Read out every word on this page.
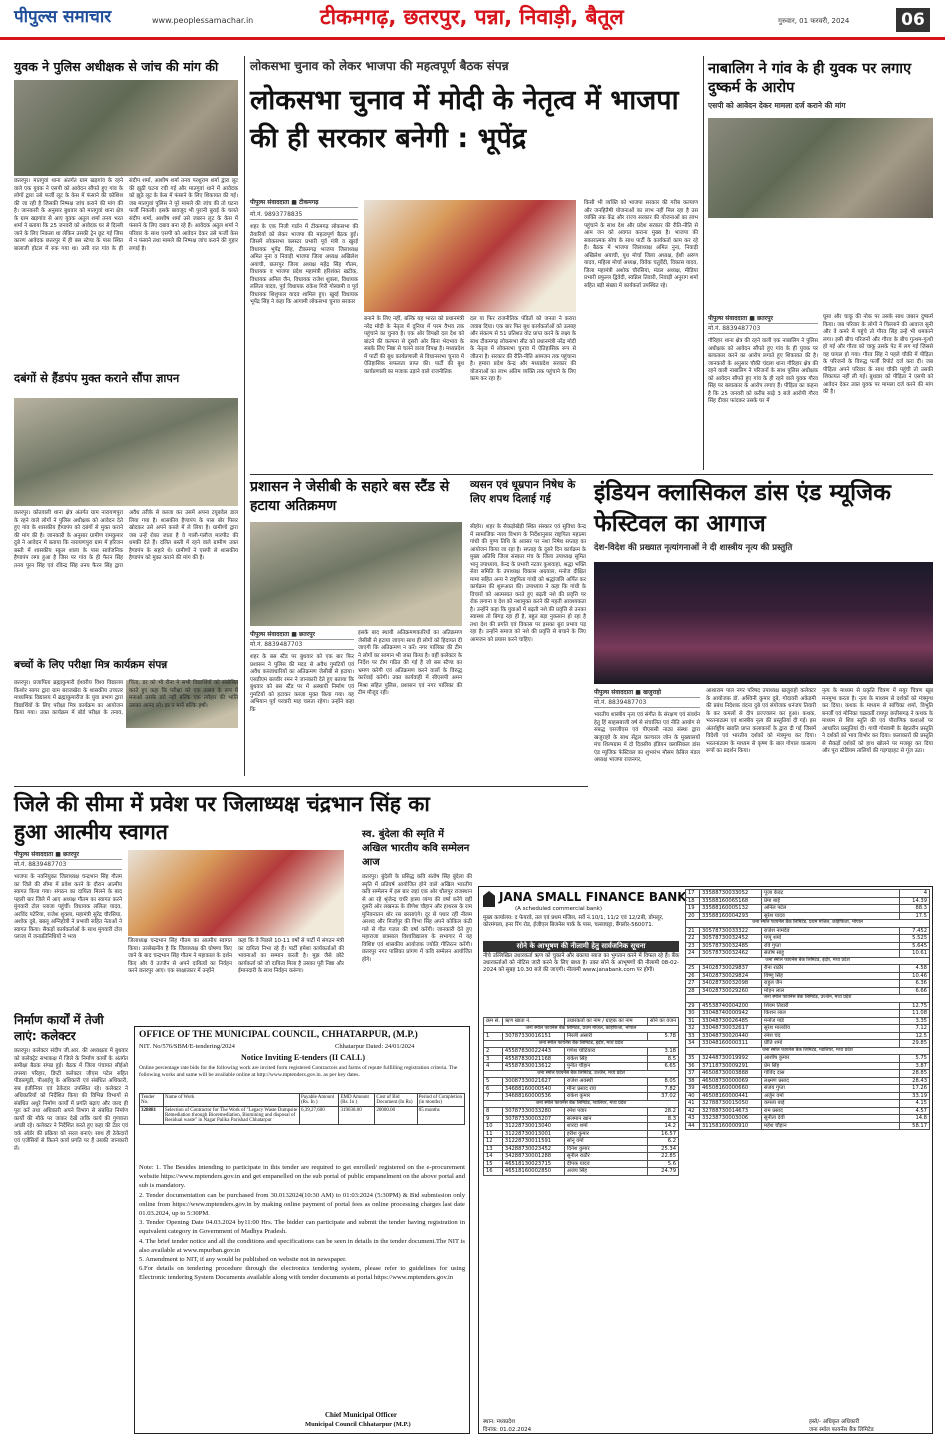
पीपुल्स समाचार	www.peoplessamachar.in	टीकमगढ़, छतरपुर, पन्ना, निवाड़ी, बैतूल	गुरुवार, 01 फरवरी, 2024	06
युवक ने पुलिस अधीक्षक से जांच की मांग की
छतरपुर। मातगुवां थाना अंतर्गत ग्राम खड़गांव के रहने वाले एक युवक ने एसपी को आवेदन सौंपते हुए गांव के लोगों द्वारा उसे फर्जी लूट के केस में फंसाने की कोशिश की जा रही है जिसकी निष्पक्ष जांच कराने की मांग की है। जानकारी के अनुसार बुधवार को मातगुवां थाना क्षेत्र के ग्राम खड़गांव से आए युवक अतुल शर्मा तनय भरत शर्मा ने बताया कि 25 जनवरी को आवेदक घर से दिल्ली जाने के लिए निकला था लेकिन उसकी ट्रेन छूट गई जिस कारण आवेदक छतरपुर में ही बस स्टेण्ड के पास स्थित बालाजी होटल में रुक गया था। उसी रात गांव के ही संदीप शर्मा, आशीष शर्मा तनय परशुराम शर्मा द्वारा लूट की झूठी घटना रची गई और मातगुवां थाने में आवेदक को झूठे लूट के केस में फंसाने के लिए शिकायत की गई। जब मातगुवां पुलिस ने पूरे मामले की जांच की तो घटना फर्जी निकली। इसके बावजूद भी पुरानी बुराई के चलते संदीप शर्मा, आशीष शर्मा उसे जबरन लूट के केस में फंसाने के लिए दबाव बना रहे हैं। आवेदक अतुल शर्मा ने परिवार के साथ एसपी को आवेदन देकर उसे फर्जी केस में न फंसाने तथा मामले की निष्पक्ष जांच कराने की गुहार लगाई है।
दबंगों से हैंडपंप मुक्त कराने सौंपा ज्ञापन
छतरपुर। कोतवाली थाना क्षेत्र अंतर्गत ग्राम नारायणपुरा के रहने वाले लोगों ने पुलिस अधीक्षक को आवेदन देते हुए गांव के शासकीय हैण्डपंप को दबंगों से मुक्त कराने की मांग की है। जानकारी के अनुसार ग्रामीण रामकुमार दुबे ने आवेदन में बताया कि नारायणपुरा ग्राम में हरिजन बस्ती में शासकीय स्कूल शाला के पास सार्वजनिक हैण्डपंप लगा हुआ है जिस पर गांव के ही फैरन सिंह तनय पूरन सिंह एवं रविन्द्र सिंह तनय फैरन सिंह द्वारा अवैध तरीके से कब्जा कर उसमें अपना टयूबवेल डाल लिया गया है। शासकीय हैण्डपंप के पास बोर पिलर खोदकर उसे अपने कब्जे में ले लिया है। ग्रामीणों द्वारा जब उन्हें रोका जाता है वे गाली-गलौज मारपीट की धमकी देते हैं। दलित बस्ती में रहने वाले ग्रामीण उक्त हैण्डपंप के सहारे थे। ग्रामीणों ने एसपी से शासकीय हैण्डपंप को मुक्त कराने की मांग की है।
बच्चों के लिए परीक्षा मित्र कार्यक्रम संपन्न
छतरपुर। प्रजापिता ब्रह्माकुमारी ईश्वरीय विश्व विद्यालय किशोर सागर द्वारा ग्राम बराजखेरा के शासकीय उच्चतर माध्यमिक विद्यालय में ब्रह्माकुमारीज के युवा प्रभाग द्वारा विद्यार्थियों के लिए परीक्षा मित्र कार्यक्रम का आयोजन किया गया। उक्त कार्यक्रम में बोर्ड परीक्षा के तनाव, चिंता, डर को भी रीना ने सभी विद्यार्थियों को संबोधित करते हुए कहा कि परीक्षा को एक उत्सव के रूप में मनाओ उसके डरो नहीं बल्कि एक त्यौहार की भांति उसका आनंद लो। डर न मानें बल्कि हर्षो।
लोकसभा चुनाव को लेकर भाजपा की महत्वपूर्ण बैठक संपन्न
लोकसभा चुनाव में मोदी के नेतृत्व में भाजपा की ही सरकार बनेगी : भूपेंद्र
पीपुल्स संवाददाता ■ टीकमगढ़
मो.नं. 9893778835
शहर के एक निजी गार्डन में टीकमगढ़ लोकसभा की तैयारियों को लेकर भाजपा की महत्वपूर्ण बैठक हुई। जिसमें लोकसभा क्लस्टर प्रभारी पूर्व मंत्री व खुरई विधायक भूपेंद्र सिंह, टीकमगढ़ भाजपा जिलाध्यक्ष अमित नुना व निवाड़ी भाजपा जिला अध्यक्ष अखिलेश अयाची, छतरपुर जिला अध्यक्ष महेंद्र सिंह गौतम, विधायक व भाजपा प्रदेश महामंत्री हरिशंकर खटीक, विधायक अनिल जैन, विधायक राजेश शुक्ला, विधायक ललिता यादव, पूर्व विधायक राकेश गिरी गोस्वामी व पूर्व विधायक शिशुपाल यादव शामिल हुए। खुरई विधायक भूपेंद्र सिंह ने कहा कि आगामी लोकसभा चुनाव सरकार
बनाने के लिए नहीं, बल्कि यह भारत को प्रधानमंत्री नरेंद्र मोदी के नेतृत्व में दुनिया में परम वैभव तक पहुंचाने का चुनाव है। एक ओर विपक्षी दल देश को बांटने की कल्पना से दूसरी ओर बिना भेदभाव के सबके लिए निष्ठा से चलने वाला विपक्ष है। मध्यप्रदेश में पार्टी की बूथ कार्यप्रणाली से विधानसभा चुनाव में ऐतिहासिक सफलता प्राप्त की। पार्टी की बूथ कार्यप्रणाली का मजाक उड़ाने वाले राजनीतिक
दल या फिर राजनीतिक पंडितों को जनता ने करारा जवाब दिया। एक बार फिर बूथ कार्यकर्ताओं को उत्साह और संकल्प से 51 प्रतिशत वोट प्राप्त करने के लक्ष्य के साथ टीकमगढ़ लोकसभा सीट को प्रधानमंत्री नरेंद्र मोदी के नेतृत्व में लोकसभा चुनाव में ऐतिहासिक रूप से जीतना है। सरकार की रीति-नीति आमजन तक पहुंचाना है। हमारा प्रदेश केन्द्र और मध्यप्रदेश सरकार की योजनाओं का लाभ अंतिम व्यक्ति तक पहुंचाने के लिए काम कर रहा है।
किसी भी व्यक्ति को भाजपा सरकार की गरीब कल्याण और जनहितैषी योजनाओं का लाभ नहीं मिल रहा है उस व्यक्ति तक केंद्र और राज्य सरकार की योजनाओं का लाभ पहुंचाने के साथ देश और प्रदेश सरकार की रीति-नीति से आम जन को अवगत कराना मुख्य है। भाजपा की सकारात्मक सोच के साथ पार्टी के कार्यकर्ता काम कर रहे हैं। बैठक में भाजपा जिलाध्यक्ष अमित नुना, निवाड़ी अखिलेश अयाची, यूथ मोर्चा जिला अध्यक्ष, ईशी अरुण यादव, महिला मोर्चा अध्यक्ष, विवेक चतुर्वेदी, विकास यादव, जिला महामंत्री अशोक चौरसिया, मंडल अध्यक्ष, मीडिया प्रभारी प्रफुल्ल द्विवेदी, स्वप्निल तिवारी, निवाड़ी अनुराग शर्मा सहित बड़ी संख्या में कार्यकर्ता उपस्थित रहे।
नाबालिग ने गांव के ही युवक पर लगाए दुष्कर्म के आरोप
एसपी को आवेदन देकर मामला दर्ज कराने की मांग
पीपुल्स संवाददाता ■ छतरपुर
मो.नं. 8839487703
गौरिहार थाना क्षेत्र की रहने वाली एक नाबालिग ने पुलिस अधीक्षक को आवेदन सौंपते हुए गांव के ही युवक पर बलात्कार करने का आरोप लगाते हुए शिकायत की है। जानकारी के अनुसार चौकी चंदला थाना गौरिहार क्षेत्र की रहने वाली नाबालिग ने परिजनों के साथ पुलिस अधीक्षक को आवेदन सौंपते हुए गांव के ही रहने वाले युवक गौरव सिंह पर बलात्कार के आरोप लगाए हैं। पीड़िता का कहना है कि 25 जनवरी को करीब साढ़े 3 बजे आरोपी गौरव सिंह दीवार फांदकर उसके घर में
घुसा और चाकू की नोक पर उसके साथ जबरन दुष्कर्म किया। जब परिवार के लोगों ने चिल्लाने की आवाज सुनी और वे कमरे में पहुंचे तो गौरव सिंह उन्हें भी धमकाने लगा। इसी बीच परिजनों और गौरव के बीच गुत्थम-गुत्थी हो गई और गौरव को चाकू उसके पेट में लग गई जिससे वह घायल हो गया। गौरव सिंह ने पहले चौकी में पीड़िता के परिजनों के विरुद्ध फर्जी रिपोर्ट दर्ज करा दी। जब पीड़िता अपने परिवार के साथ चौकी पहुंची तो उसकी शिकायत नहीं ली गई। बुधवार को पीड़िता ने एसपी को आवेदन देकर उक्त युवक पर मामला दर्ज करने की मांग की है।
प्रशासन ने जेसीबी के सहारे बस स्टैंड से हटाया अतिक्रमण
पीपुल्स संवाददाता ■ छतरपुर
मो.नं. 8839487703
शहर के बस स्टैंड पर बुधवार को एक बार फिर प्रशासन ने पुलिस की मदद से अवैध गुमटियों एवं अवैध कब्जाधारियों का अतिक्रमण जेसीबी से हटाया। एसडीएम बलवीर रमन ने जानकारी देते हुए बताया कि बुधवार को बस स्टैंड पर में अस्थायी निर्माण एवं गुमटियों को हटाकर कब्जा मुक्त किया गया। यह अभियान पूर्व परवारी माह चलता रहेगा। उन्होंने कहा कि
इसके बाद स्थायी अतिक्रमणकारियों का अतिक्रमण जेसीबी से हटाया जाएगा साथ ही लोगों को हिदायत दी जाएगी कि अतिक्रमण न करें। नगर पालिका की टीम ने लोगों का सामान भी जब्त किया है। वहीं कलेक्टर के निर्देश पर टीम गठित की गई है जो बस स्टैण्ड का भ्रमण करेगी एवं अतिक्रमण करने वालों के विरुद्ध कार्रवाई करेगी। उक्त कार्यवाही में सीएसपी अमन मिश्रा सहित पुलिस, प्रशासन एवं नगर पालिका की टीम मौजूद रही।
व्यसन एवं धूम्रपान निषेध के लिए शपथ दिलाई गई
सीहोर। शहर के सैकड़ोखेड़ी स्थित संस्कार एवं सुविधा केन्द्र में सामाजिक न्याय विभाग के निर्देशानुसार राष्ट्रपिता महात्मा गांधी की पुण्य तिथि के अवसर पर नशा निषेध सप्ताह का आयोजन किया जा रहा है। सप्ताह के दूसरे दिन कार्यक्रम के मुख्य अतिथि जिला संस्कार मंच के जिला उपाध्यक्ष सुमित भानु उपाध्याय, केन्द्र के प्रभारी नटवर कुशवाहा, श्रद्धा भक्ति सेवा समिति के उपाध्यक्ष विकास अग्रवाल, मनोज दीक्षित मामा सहित अन्य ने राष्ट्रपिता गांधी को श्रद्धांजलि अर्पित कर कार्यक्रम की शुरूआत की। उपाध्याय ने कहा कि गांधी के विचारों को आत्मसात करते हुए बढ़ती नशे की प्रवृत्ति पर रोक लगाना व देश को नशामुक्त करने की महती आवश्यकता है। उन्होंने कहा कि युवाओं में बढ़ती नशे की प्रवृत्ति से उनका स्वास्थ्य तो बिगड़ रहा ही है, बहुत बड़ा नुकसान हो रहा है तथा देश की प्रगति एवं विकास पर इसका बुरा प्रभाव पड़ रहा है। उन्होंने समाज को नशे की प्रवृत्ति से बचाने के लिए आमजन को प्रयास करने चाहिए।
इंडियन क्लासिकल डांस एंड म्यूजिक फेस्टिवल का आगाज
देश-विदेश की प्रख्यात नृत्यांगनाओं ने दी शास्त्रीय नृत्य की प्रस्तुति
पीपुल्स संवाददाता ■ खजुराहो
मो.नं. 8839487703
भारतीय शास्त्रीय नृत्य एवं संगीत के संरक्षण एवं संवर्धन हेतु हिं साहसबाजी वर्ष से संचालित एवं नीति आयोग से संबद्ध एसजीएस एवं पीएससी नाट्य संस्था द्वारा खजुराहो के साथ सेंट्रल कल्चरल जोन के मुख्यालयों मंच शिल्पग्राम में दो दिवसीय इंडियन क्लासिकल डांस एंड म्यूजिक फेस्टिवल का शुभारंभ मौसम केबिल मंडल अध्यक्ष भाजपा राजनगर,
आशाराम पाल नगर परिषद उपाध्यक्ष खजुराहो कलेक्टर के आयोजक डॉ. अश्विनी कुमार दुबे, गोदावरी अकेडमी की प्रबंध निदेशक वंदना दुबे एवं संयोजक धनंजय तिवारी के कर कमलों से दीप प्रज्ज्वलन कर हुआ। कथक, भरतनाट्यम एवं शास्त्रीय नृत्य की प्रस्तुतियां दी गई। इस अंतर्राष्ट्रीय ख्याति प्राप्त कलाकारों के द्वारा दी गई जिसमें विदेशी एवं भारतीय दर्शकों को मंत्रमुग्ध कर दिया। भरतनाट्यम के माध्यम से कृष्ण के बाल गोपाल वात्सल्य रूपों का प्रदर्शन किया।
नृत्य के माध्यम से प्रकृति चित्रण में मयूर चित्रण खूब मनमुग्ध करता है। नृत्य के माध्यम से दर्शकों को मंत्रमुग्ध कर दिया। कथक के माध्यम से सांचिका शर्मा, विभूति बनर्जी एवं मोनिका चक्रवर्ती रायपुर छत्तीसगढ़ ने कथक के माध्यम से शिव स्तुति की एवं पौराणिक कथाओं पर आधारित प्रस्तुतियां दी। गायी गोस्वामी के बेहतरीन प्रस्तुति ने दर्शकों को भाव विभोर कर दिया। कलाकारों की प्रस्तुति से सैकड़ों दर्शकों को हाथ खोलने पर मजबूर कर दिया और पूरा स्टेडियम तालियों की गड़गड़ाहट से गूंज उठा।
जिले की सीमा में प्रवेश पर जिलाध्यक्ष चंद्रभान सिंह का हुआ आत्मीय स्वागत
पीपुल्स संवाददाता ■ छतरपुर
मो.नं. 8839487703
भाजपा के नवनियुक्त जिलाध्यक्ष चन्द्रभान सिंह गौतम का जिले की सीमा में प्रवेश करने के दौरान आत्मीय स्वागत किया गया। संगठन का दायित्व मिलने के बाद पहली बार जिले में आए अध्यक्ष गौतम का स्वागत करने मुंगवारी टोल प्लाजा पहुंचीं। विधायक ललिता यादव, अरविंद पटेरिया, राजेश शुक्ला, महामंत्री सुरेंद्र चौरसिया, अशोक दुबे, बबलू अग्निहोत्री ने प्रभावी सहित नेताओं ने स्वागत किया। सैकड़ों कार्यकर्ताओं के साथ मुंगवारी टोल प्लाजा में जनप्रतिनिधियों ने भव्य
जिलाध्यक्ष चन्द्रभान सिंह गौतम का आत्मीय स्वागत किया। उल्लेखनीय है कि जिलाध्यक्ष की घोषणा किए जाने के बाद चन्द्रभान सिंह गौतम ने महाकाल के दर्शन किए और वे उज्जैन से अपने दायित्वों का निर्वहन करने छतरपुर आए। एक साक्षात्कार में उन्होंने
कहा कि वे पिछले 10-11 वर्षों से पार्टी में संगठन मंत्री का दायित्व निभा रहे हैं। पार्टी हमेशा कार्यकर्ताओं की भावनाओं का सम्मान करती है। मुझ जैसे छोटे कार्यकर्ता को जो दायित्व मिला है उसका पूरी निष्ठा और ईमानदारी के साथ निर्वहन करूंगा।
स्व. बुंदेला की स्मृति में अखिल भारतीय कवि सम्मेलन आज
छतरपुर। बुंदेली के प्रसिद्ध कवि संतोष सिंह बुंदेला की स्मृति में प्रतिवर्ष आयोजित होने वाले अखिल भारतीय कवि सम्मेलन में इस बार जहां एक ओर धौलपुर राजस्थान से आ रहे श्रृंजेन्द्र चर्चरे हास्य व्यंग्य की वर्षा करेंगे वहीं दूसरी ओर लखनऊ के वीणेश चौहान और हाथरस के राम मुनिवनातन थोर रस बरसाएंगे। दूर से पधार रहीं नीलम अरशद और मिर्जापुर की विभा सिंह अपने कोकिल कंठी गले से गीत गजल की वर्षा करेंगी। जानकारी देते हुए महाराजा छत्रसाल विश्वविद्यालय के सभागार में यह विशिष्ट एवं शासकीय आयोजक ज्योति गीतिरत्न करेंगी। छतरपुर नगर पालिका प्रांगण में कवि सम्मेलन आयोजित होंगे।
निर्माण कार्यों में तेजी लाएं: कलेक्टर
छतरपुर। कलेक्टर संदीप जी.आर. की अध्यक्षता में बुधवार को कलेक्ट्रेट सभाकक्ष में जिले के निर्माण कार्यों के अंतर्गत समीक्षा बैठक संपन्न हुई। बैठक में जिला पंचायत सीईओ तपस्या परिहार, डिप्टी कलेक्टर जीएस पटेल सहित पीडब्ल्यूडी, पीआईयू के अधिकारी एवं संबंधित अधिकारी, सब इंजीनियर एवं ठेकेदार उपस्थित रहे। कलेक्टर ने अधिकारियों को निर्देशित किया की विभिन्न विभागों से संबंधित अधूरे निर्माण कार्यों में प्रगति बढ़ाए और जल्द ही पूरा करें तथा अधिकारी अपने विभाग से संबंधित निर्माण कार्यों की मौके पर जाकर देखें ताकि कार्य की गुणवत्ता अच्छी रहे। कलेक्टर ने निर्देशित करते हुए कहा की टेंडर एवं वर्क ऑर्डर की प्रक्रिया को सरल बनाएं। साथ ही ठेकेदारों एवं एजेंसियों से कितने कार्य प्रगति पर हैं उसकी जानकारी लें।
OFFICE OF THE MUNICIPAL COUNCIL, CHHATARPUR, (M.P.)
NIT. No/576/SBM/E-tendering/2024	Chhatarpur Dated: 24/01/2024
Notice Inviting E-tenders (II CALL)
Online percentage rate bids for the following work are invited form registered Contractors and farms of repute fulfilling registration criteria. The following works and same will be available online at http://www.mptenders.gov.in. as per key dates.
Tender No.	Name of Work	Payable Amount (Rs. In )	EMD Amount (Rs. In )	Cost of Bid Document (In Rs)	Period of Completion (in months)
328881	Selection of Contractor for The Work of "Legacy Waste Dumpsite Remediation through Bioremediation, Biomining and disposal of Residual waste" in Nagar Palika Parishad Chhatarpur	6,39,27,600	319638.00	20000.00	05 months
Note: 1. The Besides intending to participate in this tender are required to get enrolled/ registered on the e-procurement website https://www.mptenders.gov.in and get empanelled on the sub portal of public empanelment on the above portal and sub is mandatory.
2. Tender documentation can be purchased from 30.0132024(10:30 AM) to 01:03:2024 (5:30PM) & Bid submission only online from https://www.mptenders.gov.in by making online payment of portal fees as online processing charges last date 01.03.2024, up to 5:30PM.
3. Tender Opening Date 04.03.2024 by11:00 Hrs. The bidder can participate and submit the tender having registration in equivalent category in Government of Madhya Pradesh.
4. The brief tender notice and all the conditions and specifications can be seen in details in the tender document.The NIT is also available at www.mpurban.gov.in
5. Amendment to NIT, if any would be published on website not in newspaper.
6.For details on tendering procedure through the electronics tendering system, please refer to guidelines for using Electronic tendering System Documents available along with tender documents at portal https://www.mptenders.gov.in
Chief Municipal Officer
Municipal Council Chhatarpur (M.P.)
JANA SMALL FINANCE BANK
(A scheduled commercial bank)
मुख्य कार्यालय: द फेयरवे, तल एवं प्रथम मंजिल, सर्वे नं.10/1, 11/2 एवं 12/2बी, डोमलूर, कोरमंगला, इनर रिंग रोड, ईजीएल बिजनेस पार्क के पास, चल्लाघट्टा, बैंगलोर-560071.
सोने के आभूषण की नीलामी हेतु सार्वजनिक सूचना
नीचे उल्लिखित उधारकर्ता ऋण को चुकाने और बकाया ब्याज का भुगतान करने में विफल रहे हैं। बैंक उधारकर्ताओं को नोटिस जारी करने के लिए बाध्य है। उक्त सोने के आभूषणों की नीलामी 08-02-2024 को सुबह 10.30 बजे की जाएगी। नीलामी www.janabank.com पर होगी।
क्रम सं.	ऋण खाता नं.	उधारकर्ता का नाम / ग्राहक का नाम	सोने का वजन
जना स्मॉल फायनेंस बैंक लिमिटेड, प्रथम मंजिल, कोहेफिजा, भोपाल			
1	30787330016151	निरली अंसारी	5.78
जना स्मॉल फायनेंस बैंक लिमिटेड, इंदौर, मध्य प्रदेश			
2	45587830022443	गणेश चोटियारा	3.18
3	45587830021168	राकेश सिंह	8.5
4	45587830013612	पुनीत चौहान	6.65
जना स्मॉल फायनेंस बैंक लिमिटेड, उज्जैन, मध्य प्रदेश			
5	30087330021627	राजेश अवस्थी	8.05
6	34688160000540	मीना प्रसाद राय	7.82
7	34688160000536	राकेश कुमार	37.02
जना स्मॉल फायनेंस बैंक लिमिटेड, ग्वालियर, मध्य प्रदेश			
8	30787330033280	रमेश पवार	28.2
9	30787330003207	सलमान खान	8.3
10	31228730013040	शारदा शर्मा	14.2
11	31228730013001	हरीश कुमार	16.57
12	31228730011591	सोनू वर्मा	6.2
13	34288730023452	दिनेश कुमार	25.34
14	34288730001288	सुनील राठौर	22.85
15	46518130023715	दीपक यादव	5.6
16	46518160002850	अजय सिंह	24.79
स्थान: मध्यप्रदेश
दिनांक: 01.02.2024
17	33588730033052	पूजा केवट	4
18	33588160065168	प्रेमा बाई	14.39
19	33588160005132	अनिल पटेल	88.3
20	33588160004293	सुरेश यादव	17.5
जना स्मॉल फायनेंस बैंक लिमिटेड, प्रथम मंजिल, कोहेफिजा, भोपाल			
21	30578730033322	राजेश नामदेव	7.452
22	30578730032452	पप्पू शर्मा	5.525
23	30578730032485	रवि गुप्ता	5.645
24	30578730032462	संतोष साहू	10.61
जना स्मॉल फायनेंस बैंक लिमिटेड, इंदौर, मध्य प्रदेश			
25	34028730029837	रीना राठौर	4.58
26	34028730029824	विष्णु सिंह	10.46
27	34028730032098	राहुल जैन	6.36
28	34028730029260	मोहन लाल	6.66
जना स्मॉल फायनेंस बैंक लिमिटेड, उज्जैन, मध्य प्रदेश			
29	45538740004200	शिवम तिवारी	12.75
30	33048740000942	किशन लाल	11.08
31	33048730026485	मनोज पांडे	3.35
32	33048730032617	सुरेश मालवीय	7.12
33	33048730020440	रमेश चंद	12.5
34	33048160000311	प्रीति शर्मा	29.85
जना स्मॉल फायनेंस बैंक लिमिटेड, ग्वालियर, मध्य प्रदेश			
35	32448730019992	आशीष कुमार	5.75
36	37118730009291	प्रेम सिंह	3.87
37	46508730003888	गोविंद दास	28.85
38	46508730000069	लक्ष्मण प्रसाद	28.43
39	46508160000660	संजय गुप्ता	17.26
40	46508160000441	अर्जुन वर्मा	33.19
41	32788730015050	कमला बाई	4.15
42	32788730014673	राम प्रसाद	4.57
43	33238730003006	सुनीता देवी	14.8
44	31158160000910	महेश चौहान	58.17
हस्ते/- अधिकृत अधिकारी
जना स्मॉल फायनेंस बैंक लिमिटेड
